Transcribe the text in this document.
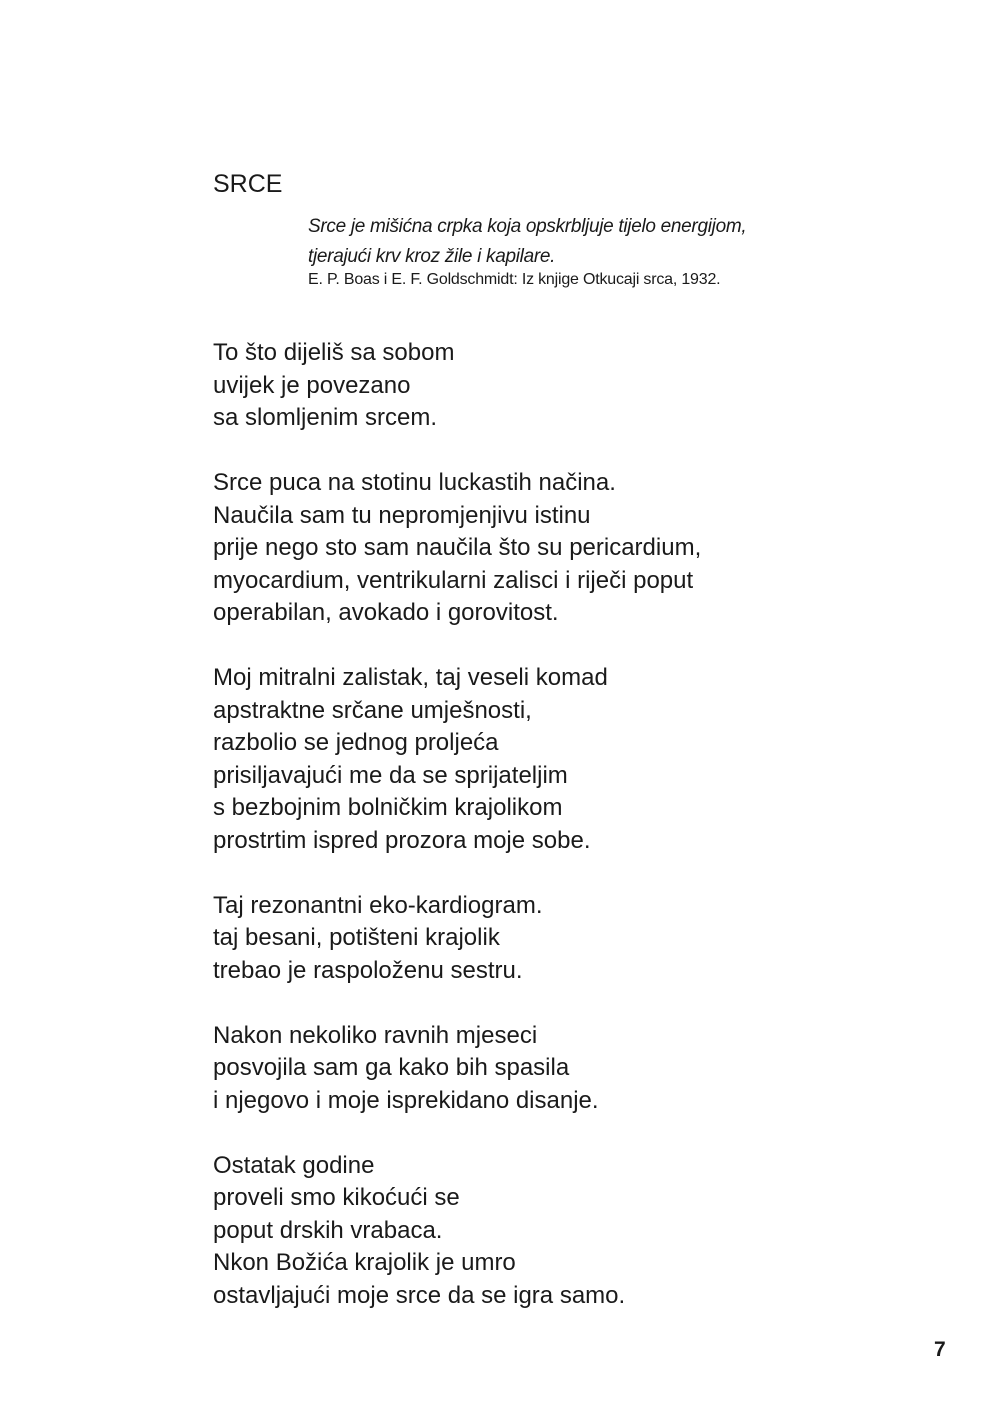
SRCE
Srce je mišićna crpka koja opskrbljuje tijelo energijom,
tjerajući krv kroz žile i kapilare.
E. P. Boas i E. F. Goldschmidt: Iz knjige Otkucaji srca, 1932.
To što dijeliš sa sobom
uvijek je povezano
sa slomljenim srcem.
Srce puca na stotinu luckastih načina.
Naučila sam tu nepromjenjivu istinu
prije nego sto sam naučila što su pericardium,
myocardium, ventrikularni zalisci i riječi poput
operabilan, avokado i gorovitost.
Moj mitralni zalistak, taj veseli komad
apstraktne srčane umješnosti,
razbolio se jednog proljeća
prisiljavajući me da se sprijateljim
s bezbojnim bolničkim krajolikom
prostrtim ispred prozora moje sobe.
Taj rezonantni eko-kardiogram.
taj besani, potišteni krajolik
trebao je raspoloženu sestru.
Nakon nekoliko ravnih mjeseci
posvojila sam ga kako bih spasila
i njegovo i moje isprekidano disanje.
Ostatak godine
proveli smo kikoćući se
poput drskih vrabaca.
Nkon Božića krajolik je umro
ostavljajući moje srce da se igra samo.
7
